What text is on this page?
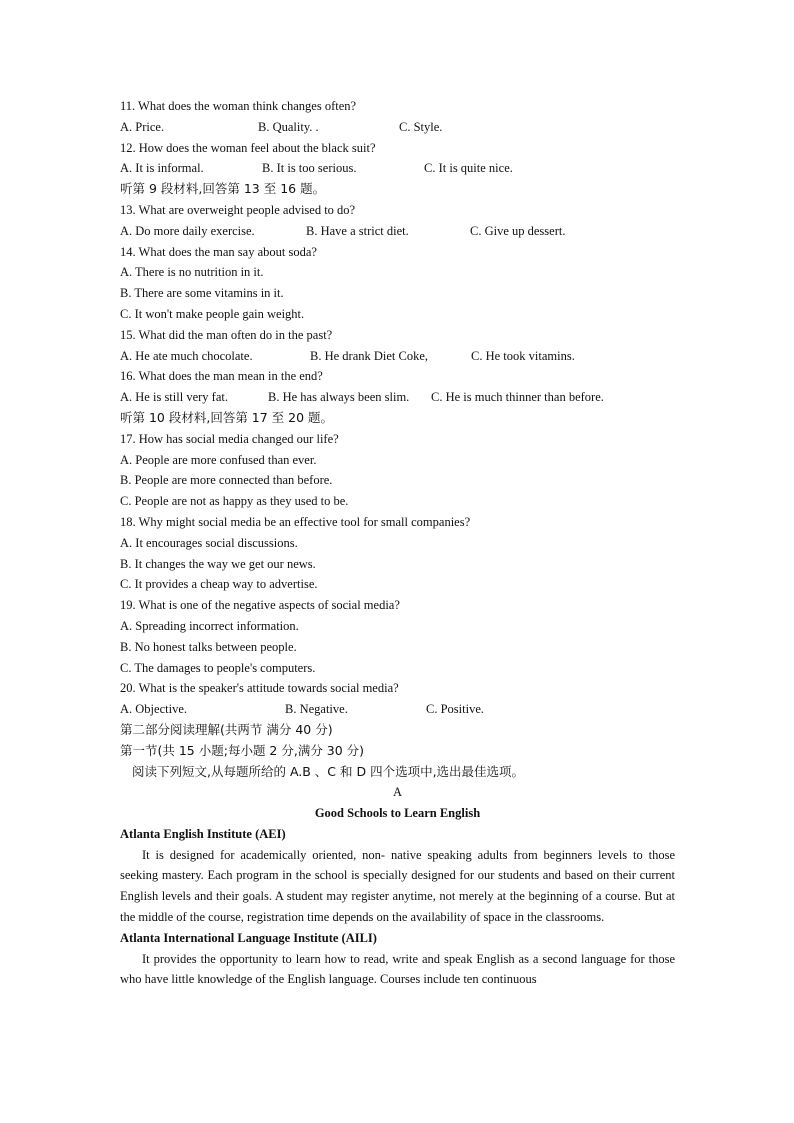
11. What does the woman think changes often?
A. Price.	B. Quality. .	C. Style.
12. How does the woman feel about the black suit?
A. It is informal.	B. It is too serious.	C. It is quite nice.
听第 9 段材料,回答第 13 至 16 题。
13. What are overweight people advised to do?
A. Do more daily exercise.	B. Have a strict diet.	C. Give up dessert.
14. What does the man say about soda?
A. There is no nutrition in it.
B. There are some vitamins in it.
C. It won't make people gain weight.
15. What did the man often do in the past?
A. He ate much chocolate.	B. He drank Diet Coke,	C. He took vitamins.
16. What does the man mean in the end?
A. He is still very fat.	B. He has always been slim. C. He is much thinner than before.
听第 10 段材料,回答第 17 至 20 题。
17. How has social media changed our life?
A. People are more confused than ever.
B. People are more connected than before.
C. People are not as happy as they used to be.
18. Why might social media be an effective tool for small companies?
A. It encourages social discussions.
B. It changes the way we get our news.
C. It provides a cheap way to advertise.
19. What is one of the negative aspects of social media?
A. Spreading incorrect information.
B. No honest talks between people.
C. The damages to people's computers.
20. What is the speaker's attitude towards social media?
A. Objective.	B. Negative.	C. Positive.
第二部分阅读理解(共两节 满分 40 分)
第一节(共 15 小题;每小题 2 分,满分 30 分)
阅读下列短文,从每题所给的 A.B 、C 和 D 四个选项中,选出最佳选项。
A
Good Schools to Learn English
Atlanta English Institute (AEI)

It is designed for academically oriented, non- native speaking adults from beginners levels to those seeking mastery. Each program in the school is specially designed for our students and based on their current English levels and their goals. A student may register anytime, not merely at the beginning of a course. But at the middle of the course, registration time depends on the availability of space in the classrooms.

Atlanta International Language Institute (AILI)

It provides the opportunity to learn how to read, write and speak English as a second language for those who have little knowledge of the English language. Courses include ten continuous
